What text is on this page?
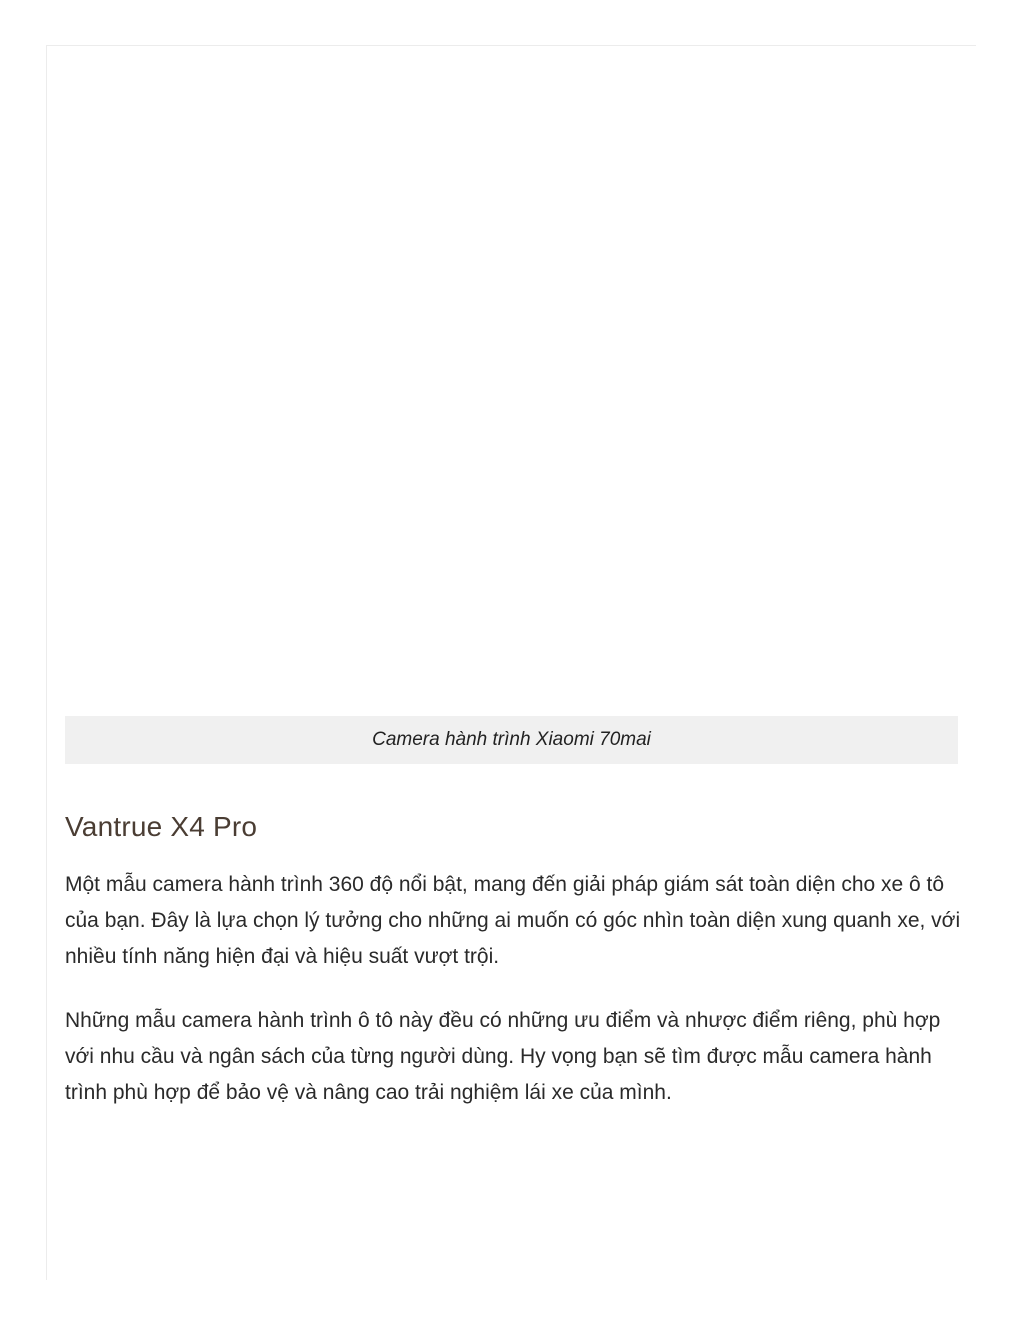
Camera hành trình Xiaomi 70mai
Vantrue X4 Pro

Một mẫu camera hành trình 360 độ nổi bật, mang đến giải pháp giám sát toàn diện cho xe ô tô của bạn. Đây là lựa chọn lý tưởng cho những ai muốn có góc nhìn toàn diện xung quanh xe, với nhiều tính năng hiện đại và hiệu suất vượt trội.

Những mẫu camera hành trình ô tô này đều có những ưu điểm và nhược điểm riêng, phù hợp với nhu cầu và ngân sách của từng người dùng. Hy vọng bạn sẽ tìm được mẫu camera hành trình phù hợp để bảo vệ và nâng cao trải nghiệm lái xe của mình.
